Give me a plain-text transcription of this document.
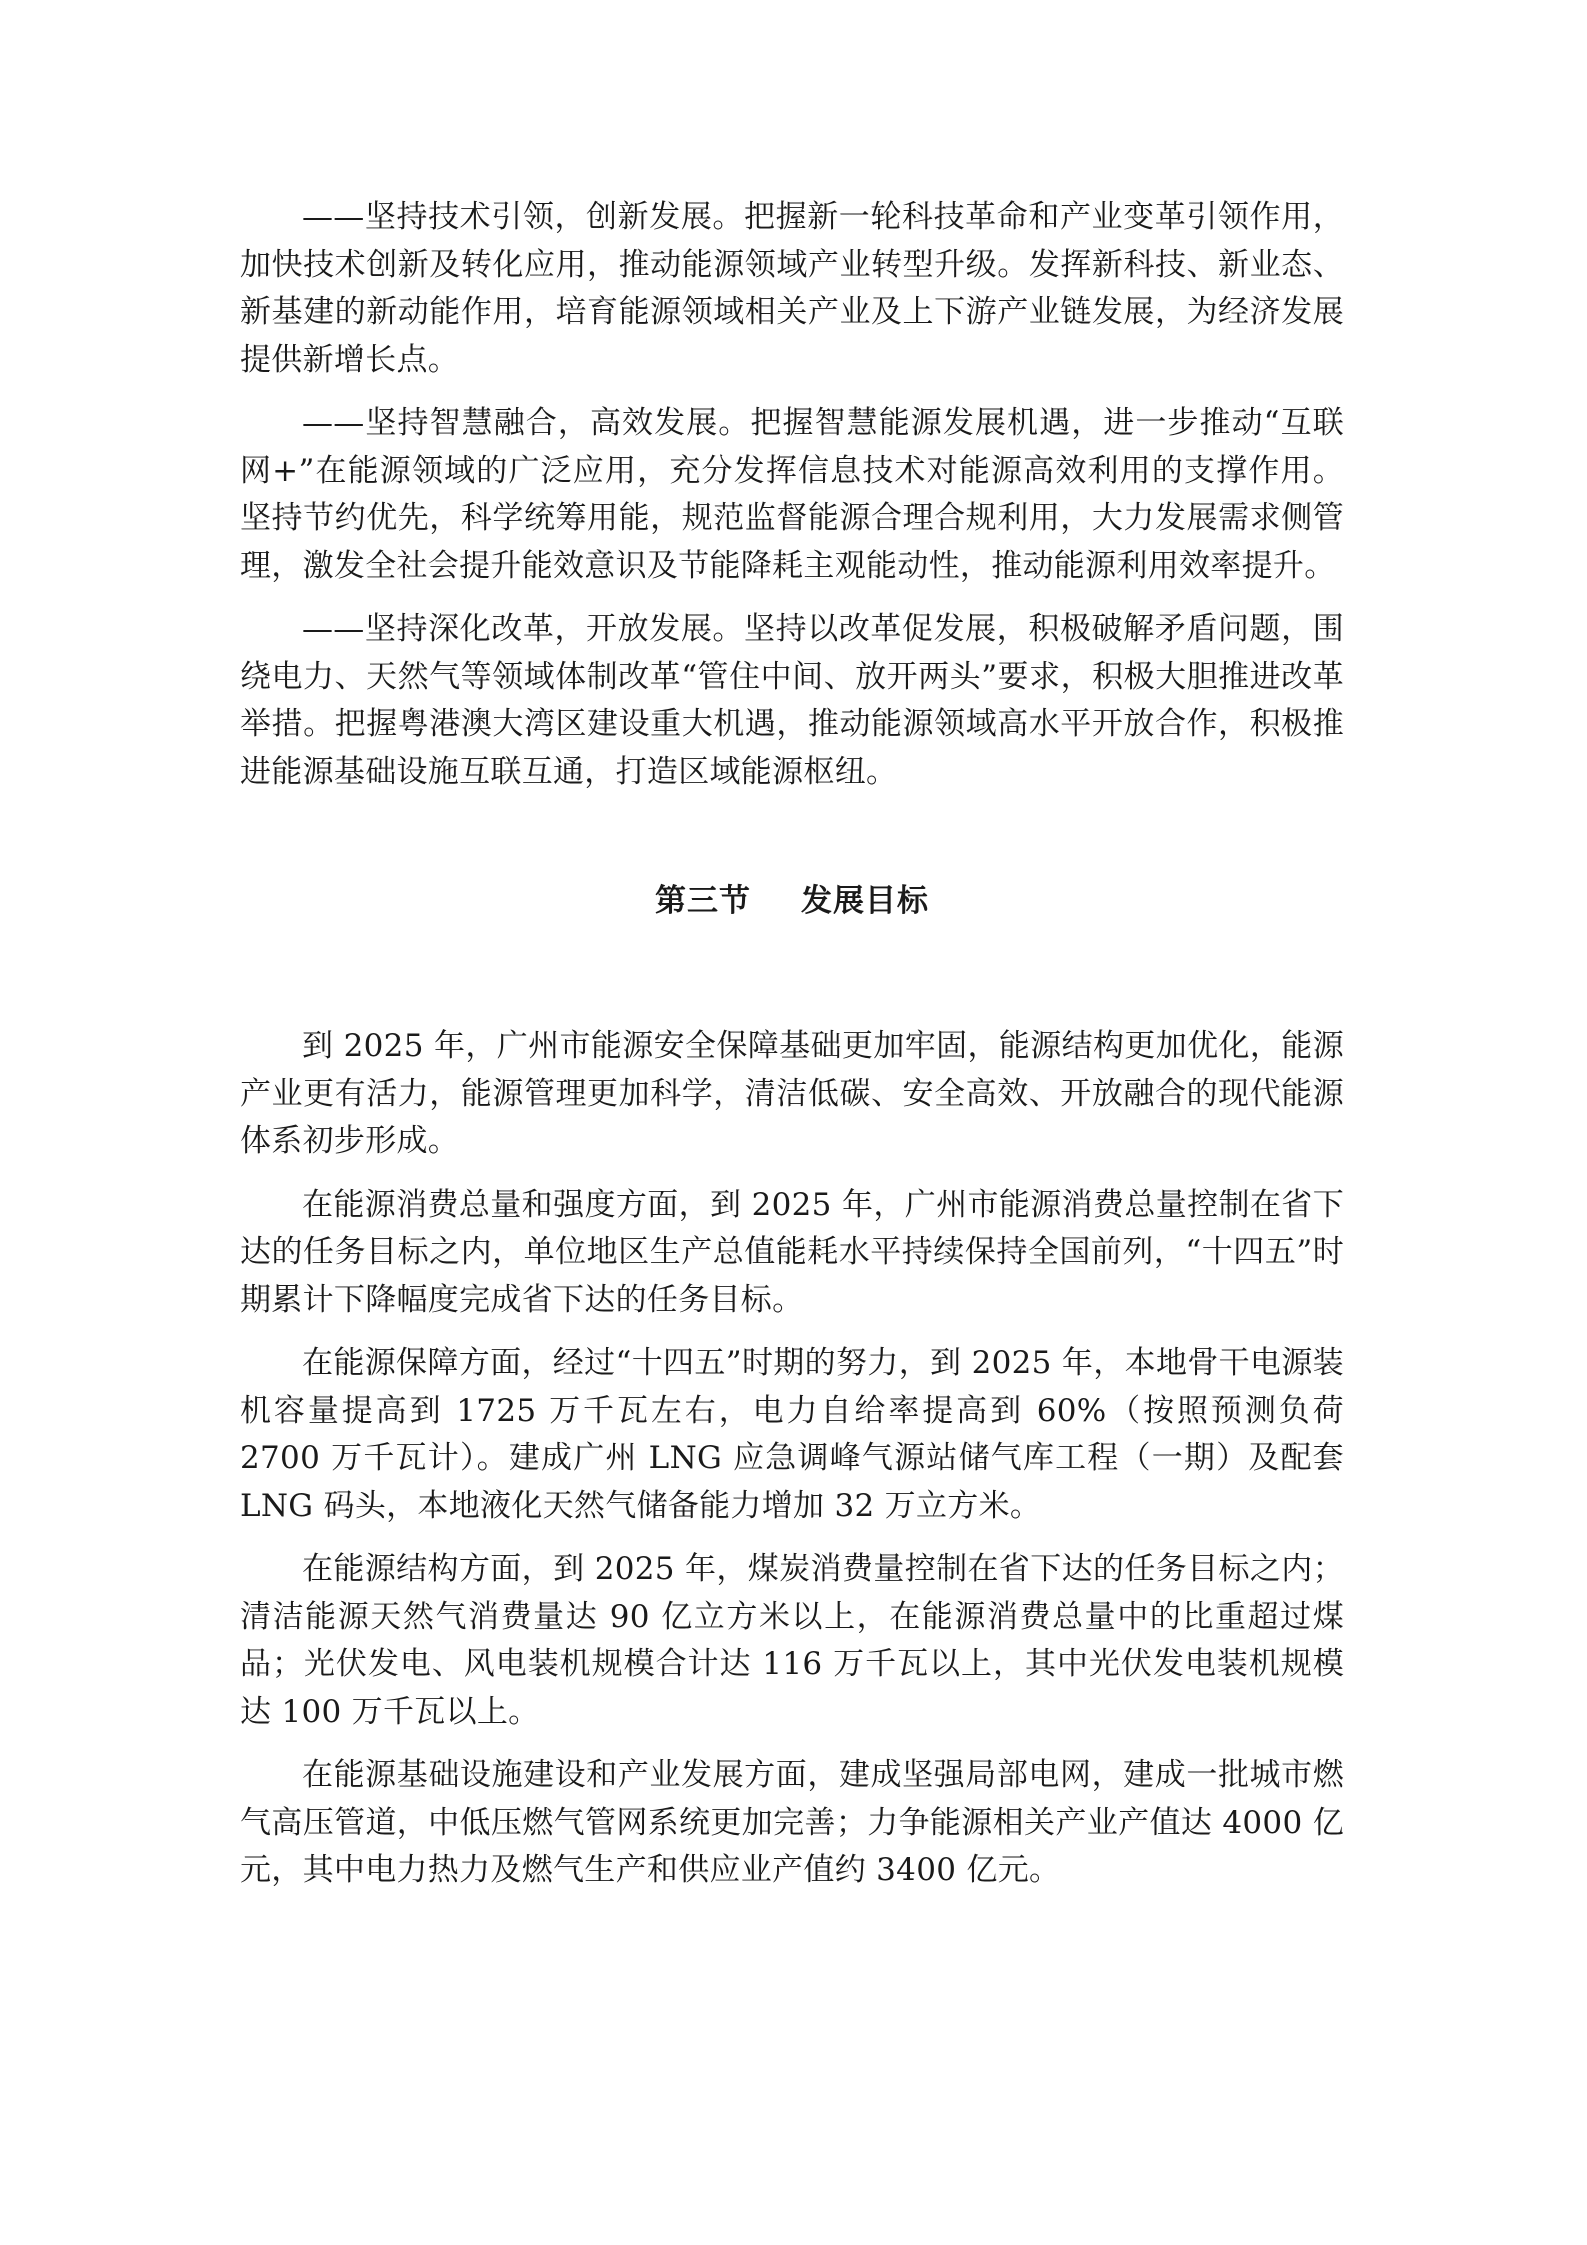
——坚持技术引领，创新发展。把握新一轮科技革命和产业变革引领作用，加快技术创新及转化应用，推动能源领域产业转型升级。发挥新科技、新业态、新基建的新动能作用，培育能源领域相关产业及上下游产业链发展，为经济发展提供新增长点。

——坚持智慧融合，高效发展。把握智慧能源发展机遇，进一步推动“互联网+”在能源领域的广泛应用，充分发挥信息技术对能源高效利用的支撑作用。坚持节约优先，科学统筹用能，规范监督能源合理合规利用，大力发展需求侧管理，激发全社会提升能效意识及节能降耗主观能动性，推动能源利用效率提升。

——坚持深化改革，开放发展。坚持以改革促发展，积极破解矛盾问题，围绕电力、天然气等领域体制改革“管住中间、放开两头”要求，积极大胆推进改革举措。把握粤港澳大湾区建设重大机遇，推动能源领域高水平开放合作，积极推进能源基础设施互联互通，打造区域能源枢纽。

第三节 发展目标

到 2025 年，广州市能源安全保障基础更加牢固，能源结构更加优化，能源产业更有活力，能源管理更加科学，清洁低碳、安全高效、开放融合的现代能源体系初步形成。

在能源消费总量和强度方面，到 2025 年，广州市能源消费总量控制在省下达的任务目标之内，单位地区生产总值能耗水平持续保持全国前列，“十四五”时期累计下降幅度完成省下达的任务目标。

在能源保障方面，经过“十四五”时期的努力，到 2025 年，本地骨干电源装机容量提高到 1725 万千瓦左右，电力自给率提高到 60%（按照预测负荷 2700 万千瓦计）。建成广州 LNG 应急调峰气源站储气库工程（一期）及配套 LNG 码头，本地液化天然气储备能力增加 32 万立方米。

在能源结构方面，到 2025 年，煤炭消费量控制在省下达的任务目标之内；清洁能源天然气消费量达 90 亿立方米以上，在能源消费总量中的比重超过煤品；光伏发电、风电装机规模合计达 116 万千瓦以上，其中光伏发电装机规模达 100 万千瓦以上。

在能源基础设施建设和产业发展方面，建成坚强局部电网，建成一批城市燃气高压管道，中低压燃气管网系统更加完善；力争能源相关产业产值达 4000 亿元，其中电力热力及燃气生产和供应业产值约 3400 亿元。
